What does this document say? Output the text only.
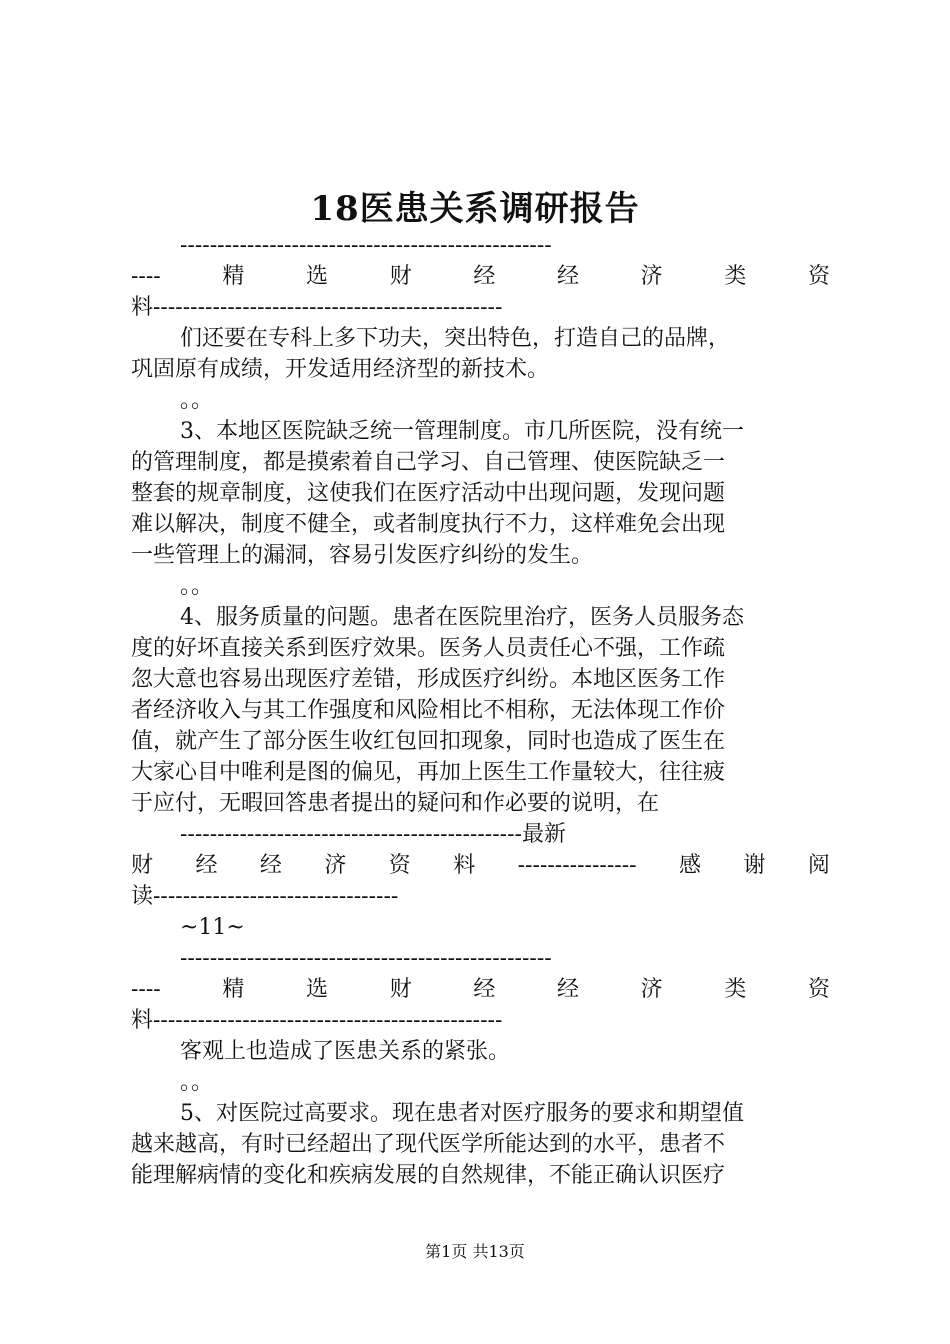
18医患关系调研报告
--------------------------------------------------
----	精	选	财	经	经	济	类	资
料-----------------------------------------------
们还要在专科上多下功夫，突出特色，打造自己的品牌，
巩固原有成绩，开发适用经济型的新技术。
。。
3、本地区医院缺乏统一管理制度。市几所医院，没有统一
的管理制度，都是摸索着自己学习、自己管理、使医院缺乏一
整套的规章制度，这使我们在医疗活动中出现问题，发现问题
难以解决，制度不健全，或者制度执行不力，这样难免会出现
一些管理上的漏洞，容易引发医疗纠纷的发生。
。。
4、服务质量的问题。患者在医院里治疗，医务人员服务态
度的好坏直接关系到医疗效果。医务人员责任心不强，工作疏
忽大意也容易出现医疗差错，形成医疗纠纷。本地区医务工作
者经济收入与其工作强度和风险相比不相称，无法体现工作价
值，就产生了部分医生收红包回扣现象，同时也造成了医生在
大家心目中唯利是图的偏见，再加上医生工作量较大，往往疲
于应付，无暇回答患者提出的疑问和作必要的说明，在
----------------------------------------------最新
财 经 经 济 资 料 ---------------- 感 谢 阅
读---------------------------------
~11~
--------------------------------------------------
----	精	选	财	经	经	济	类	资
料-----------------------------------------------
客观上也造成了医患关系的紧张。
。。
5、对医院过高要求。现在患者对医疗服务的要求和期望值
越来越高，有时已经超出了现代医学所能达到的水平，患者不
能理解病情的变化和疾病发展的自然规律，不能正确认识医疗
第1页 共13页
